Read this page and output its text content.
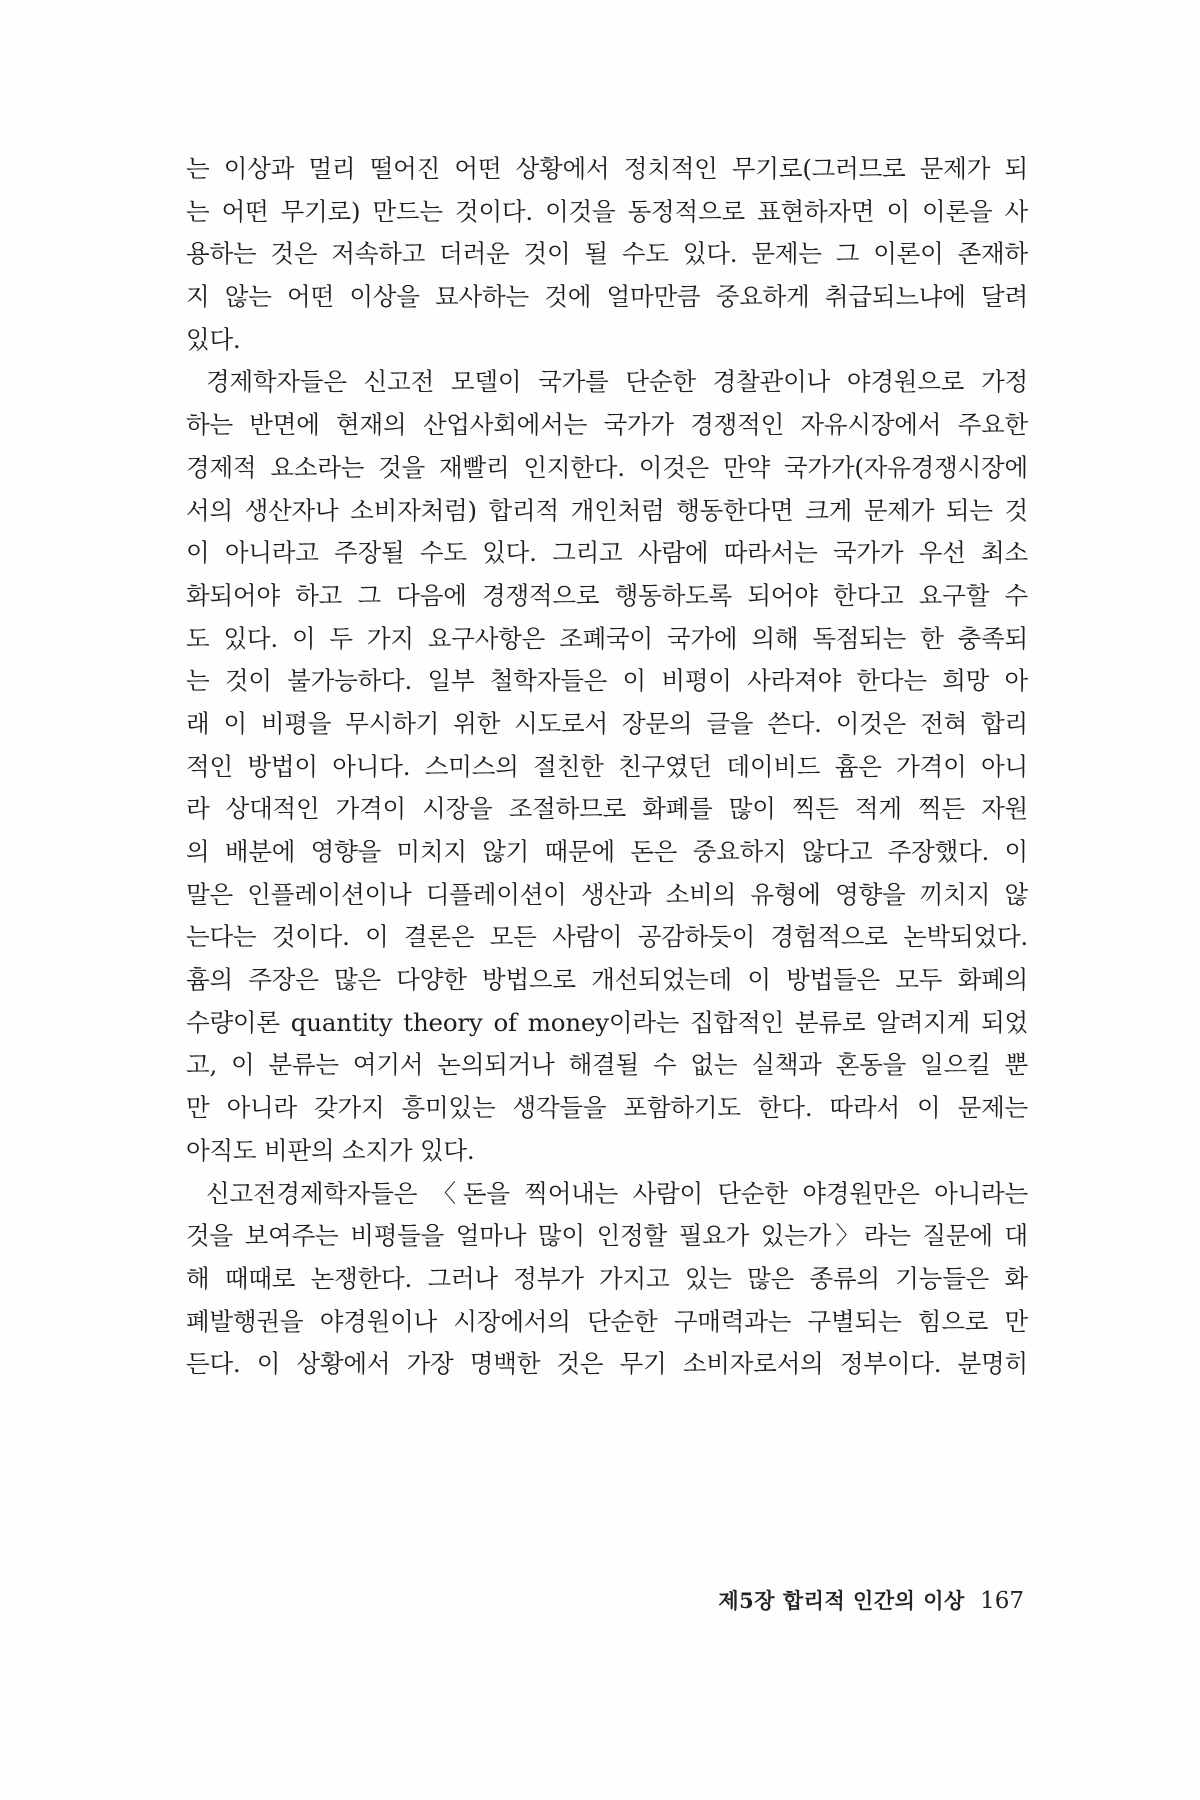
는 이상과 멀리 떨어진 어떤 상황에서 정치적인 무기로(그러므로 문제가 되
는 어떤 무기로) 만드는 것이다. 이것을 동정적으로 표현하자면 이 이론을 사
용하는 것은 저속하고 더러운 것이 될 수도 있다. 문제는 그 이론이 존재하
지 않는 어떤 이상을 묘사하는 것에 얼마만큼 중요하게 취급되느냐에 달려
있다.
경제학자들은 신고전 모델이 국가를 단순한 경찰관이나 야경원으로 가정
하는 반면에 현재의 산업사회에서는 국가가 경쟁적인 자유시장에서 주요한
경제적 요소라는 것을 재빨리 인지한다. 이것은 만약 국가가(자유경쟁시장에
서의 생산자나 소비자처럼) 합리적 개인처럼 행동한다면 크게 문제가 되는 것
이 아니라고 주장될 수도 있다. 그리고 사람에 따라서는 국가가 우선 최소
화되어야 하고 그 다음에 경쟁적으로 행동하도록 되어야 한다고 요구할 수
도 있다. 이 두 가지 요구사항은 조폐국이 국가에 의해 독점되는 한 충족되
는 것이 불가능하다. 일부 철학자들은 이 비평이 사라져야 한다는 희망 아
래 이 비평을 무시하기 위한 시도로서 장문의 글을 쓴다. 이것은 전혀 합리
적인 방법이 아니다. 스미스의 절친한 친구였던 데이비드 흄은 가격이 아니
라 상대적인 가격이 시장을 조절하므로 화폐를 많이 찍든 적게 찍든 자원
의 배분에 영향을 미치지 않기 때문에 돈은 중요하지 않다고 주장했다. 이
말은 인플레이션이나 디플레이션이 생산과 소비의 유형에 영향을 끼치지 않
는다는 것이다. 이 결론은 모든 사람이 공감하듯이 경험적으로 논박되었다.
흄의 주장은 많은 다양한 방법으로 개선되었는데 이 방법들은 모두 화폐의
수량이론 quantity theory of money이라는 집합적인 분류로 알려지게 되었
고, 이 분류는 여기서 논의되거나 해결될 수 없는 실책과 혼동을 일으킬 뿐
만 아니라 갖가지 흥미있는 생각들을 포함하기도 한다. 따라서 이 문제는
아직도 비판의 소지가 있다.
신고전경제학자들은 〈돈을 찍어내는 사람이 단순한 야경원만은 아니라는
것을 보여주는 비평들을 얼마나 많이 인정할 필요가 있는가〉라는 질문에 대
해 때때로 논쟁한다. 그러나 정부가 가지고 있는 많은 종류의 기능들은 화
폐발행권을 야경원이나 시장에서의 단순한 구매력과는 구별되는 힘으로 만
든다. 이 상황에서 가장 명백한 것은 무기 소비자로서의 정부이다. 분명히
제5장 합리적 인간의 이상 167
